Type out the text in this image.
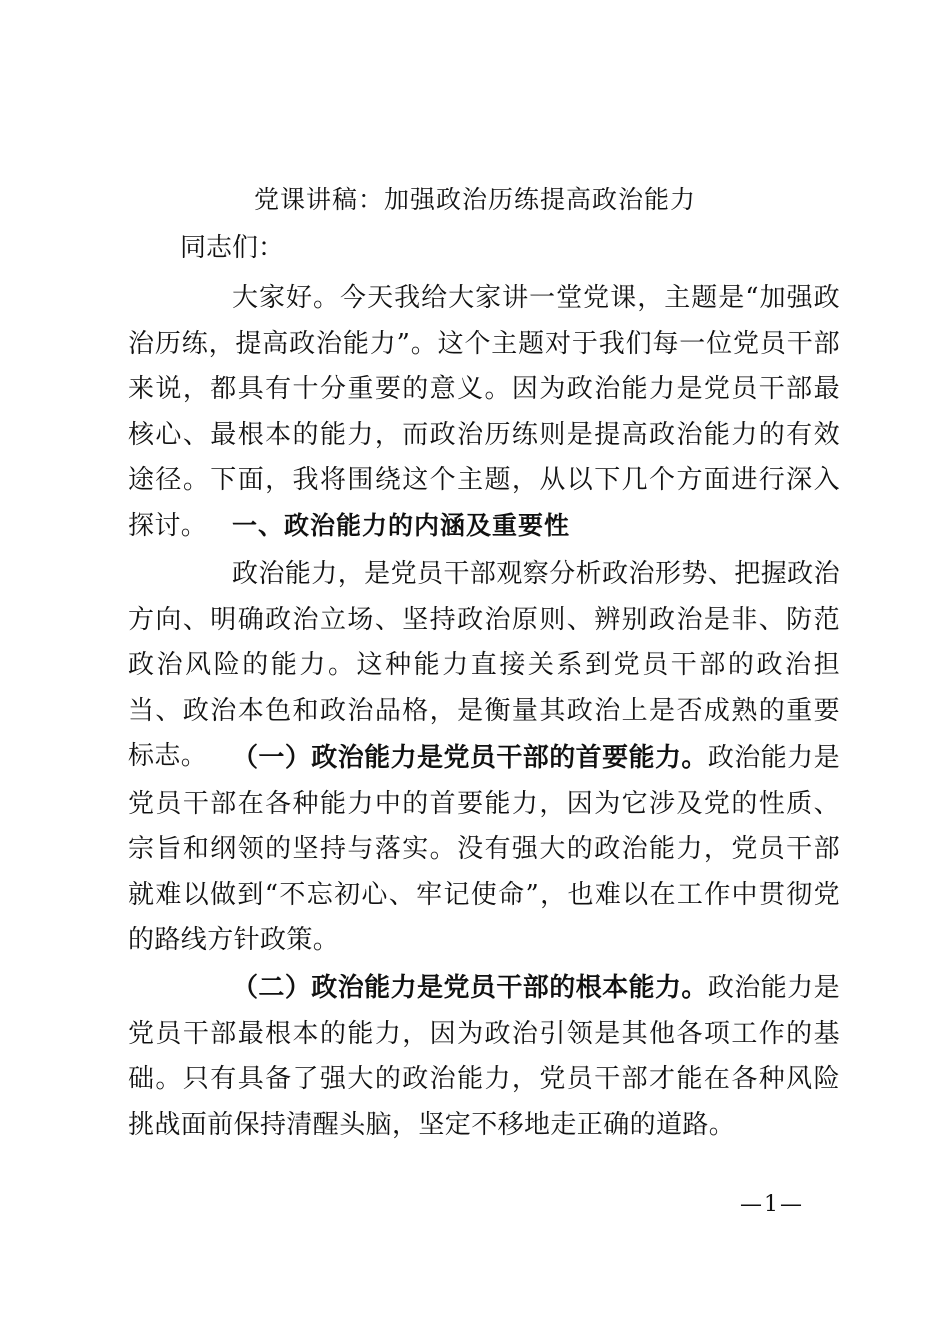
党课讲稿：加强政治历练提高政治能力
同志们：

大家好。今天我给大家讲一堂党课，主题是“加强政治历练，提高政治能力”。这个主题对于我们每一位党员干部来说，都具有十分重要的意义。因为政治能力是党员干部最核心、最根本的能力，而政治历练则是提高政治能力的有效途径。下面，我将围绕这个主题，从以下几个方面进行深入探讨。 一、政治能力的内涵及重要性

政治能力，是党员干部观察分析政治形势、把握政治方向、明确政治立场、坚持政治原则、辨别政治是非、防范政治风险的能力。这种能力直接关系到党员干部的政治担当、政治本色和政治品格，是衡量其政治上是否成熟的重要标志。 （一）政治能力是党员干部的首要能力。政治能力是党员干部在各种能力中的首要能力，因为它涉及党的性质、宗旨和纲领的坚持与落实。没有强大的政治能力，党员干部就难以做到“不忘初心、牢记使命”，也难以在工作中贯彻党的路线方针政策。

（二）政治能力是党员干部的根本能力。政治能力是党员干部最根本的能力，因为政治引领是其他各项工作的基础。只有具备了强大的政治能力，党员干部才能在各种风险挑战面前保持清醒头脑，坚定不移地走正确的道路。

—1—
